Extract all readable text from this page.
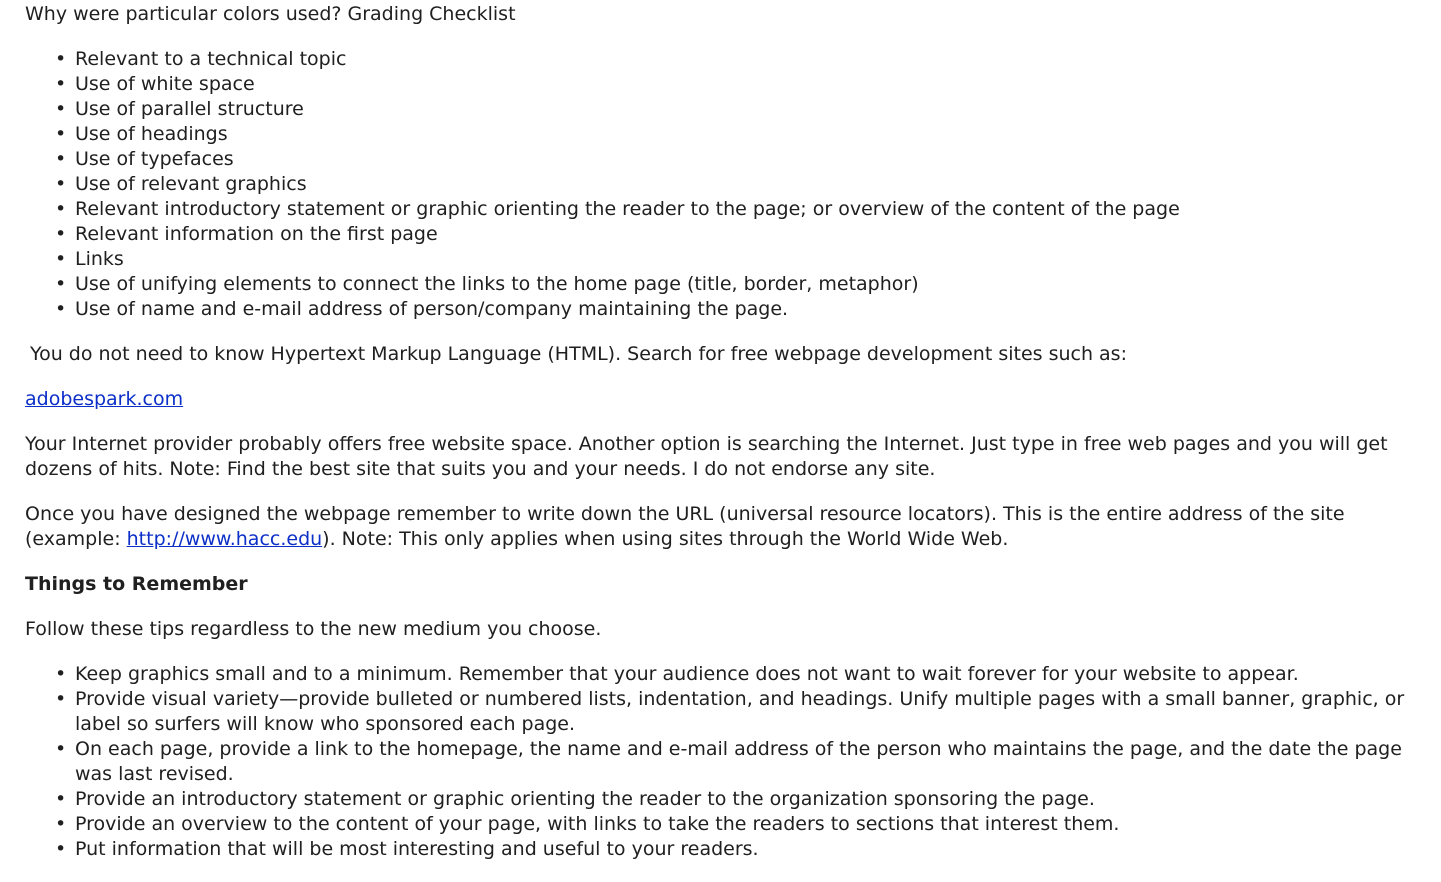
Why were particular colors used? Grading Checklist

• Relevant to a technical topic
• Use of white space
• Use of parallel structure
• Use of headings
• Use of typefaces
• Use of relevant graphics
• Relevant introductory statement or graphic orienting the reader to the page; or overview of the content of the page
• Relevant information on the first page
• Links
• Use of unifying elements to connect the links to the home page (title, border, metaphor)
• Use of name and e-mail address of person/company maintaining the page.

You do not need to know Hypertext Markup Language (HTML). Search for free webpage development sites such as:

adobespark.com

Your Internet provider probably offers free website space. Another option is searching the Internet. Just type in free web pages and you will get dozens of hits. Note: Find the best site that suits you and your needs. I do not endorse any site.

Once you have designed the webpage remember to write down the URL (universal resource locators). This is the entire address of the site (example: http://www.hacc.edu). Note: This only applies when using sites through the World Wide Web.

Things to Remember

Follow these tips regardless to the new medium you choose.

• Keep graphics small and to a minimum. Remember that your audience does not want to wait forever for your website to appear.
• Provide visual variety—provide bulleted or numbered lists, indentation, and headings. Unify multiple pages with a small banner, graphic, or label so surfers will know who sponsored each page.
• On each page, provide a link to the homepage, the name and e-mail address of the person who maintains the page, and the date the page was last revised.
• Provide an introductory statement or graphic orienting the reader to the organization sponsoring the page.
• Provide an overview to the content of your page, with links to take the readers to sections that interest them.
• Put information that will be most interesting and useful to your readers.
